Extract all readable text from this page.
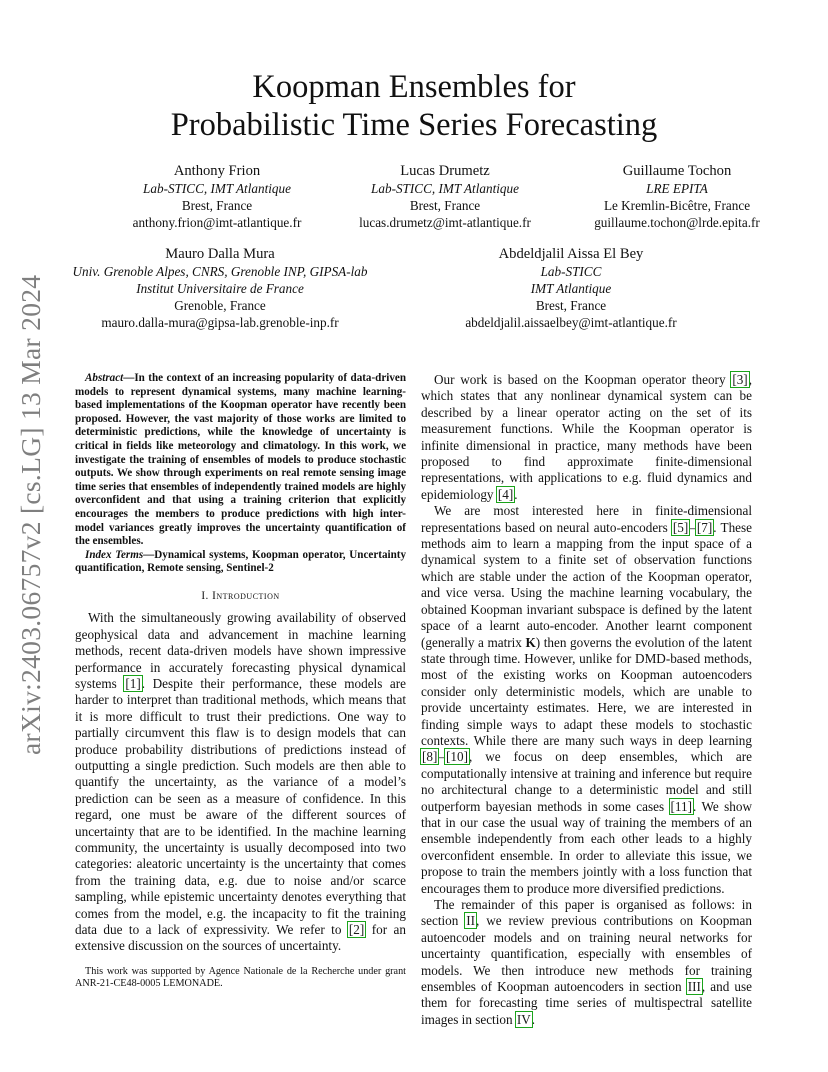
arXiv:2403.06757v2 [cs.LG] 13 Mar 2024
Koopman Ensembles for
Probabilistic Time Series Forecasting
Anthony Frion
Lab-STICC, IMT Atlantique
Brest, France
anthony.frion@imt-atlantique.fr
Lucas Drumetz
Lab-STICC, IMT Atlantique
Brest, France
lucas.drumetz@imt-atlantique.fr
Guillaume Tochon
LRE EPITA
Le Kremlin-Bicêtre, France
guillaume.tochon@lrde.epita.fr
Mauro Dalla Mura
Univ. Grenoble Alpes, CNRS, Grenoble INP, GIPSA-lab
Institut Universitaire de France
Grenoble, France
mauro.dalla-mura@gipsa-lab.grenoble-inp.fr
Abdeldjalil Aissa El Bey
Lab-STICC
IMT Atlantique
Brest, France
abdeldjalil.aissaelbey@imt-atlantique.fr

Abstract—In the context of an increasing popularity of data-driven models to represent dynamical systems, many machine learning-based implementations of the Koopman operator have recently been proposed. However, the vast majority of those works are limited to deterministic predictions, while the knowledge of uncertainty is critical in fields like meteorology and climatology. In this work, we investigate the training of ensembles of models to produce stochastic outputs. We show through experiments on real remote sensing image time series that ensembles of independently trained models are highly overconfident and that using a training criterion that explicitly encourages the members to produce predictions with high inter-model variances greatly improves the uncertainty quantification of the ensembles.

Index Terms—Dynamical systems, Koopman operator, Uncertainty quantification, Remote sensing, Sentinel-2

I. Introduction

With the simultaneously growing availability of observed geophysical data and advancement in machine learning methods, recent data-driven models have shown impressive performance in accurately forecasting physical dynamical systems [1]. Despite their performance, these models are harder to interpret than traditional methods, which means that it is more difficult to trust their predictions. One way to partially circumvent this flaw is to design models that can produce probability distributions of predictions instead of outputting a single prediction. Such models are then able to quantify the uncertainty, as the variance of a model’s prediction can be seen as a measure of confidence. In this regard, one must be aware of the different sources of uncertainty that are to be identified. In the machine learning community, the uncertainty is usually decomposed into two categories: aleatoric uncertainty is the uncertainty that comes from the training data, e.g. due to noise and/or scarce sampling, while epistemic uncertainty denotes everything that comes from the model, e.g. the incapacity to fit the training data due to a lack of expressivity. We refer to [2] for an extensive discussion on the sources of uncertainty.

This work was supported by Agence Nationale de la Recherche under grant ANR-21-CE48-0005 LEMONADE.

Our work is based on the Koopman operator theory [3], which states that any nonlinear dynamical system can be described by a linear operator acting on the set of its measurement functions. While the Koopman operator is infinite dimensional in practice, many methods have been proposed to find approximate finite-dimensional representations, with applications to e.g. fluid dynamics and epidemiology [4].

We are most interested here in finite-dimensional representations based on neural auto-encoders [5]–[7]. These methods aim to learn a mapping from the input space of a dynamical system to a finite set of observation functions which are stable under the action of the Koopman operator, and vice versa. Using the machine learning vocabulary, the obtained Koopman invariant subspace is defined by the latent space of a learnt auto-encoder. Another learnt component (generally a matrix K) then governs the evolution of the latent state through time. However, unlike for DMD-based methods, most of the existing works on Koopman autoencoders consider only deterministic models, which are unable to provide uncertainty estimates. Here, we are interested in finding simple ways to adapt these models to stochastic contexts. While there are many such ways in deep learning [8]–[10], we focus on deep ensembles, which are computationally intensive at training and inference but require no architectural change to a deterministic model and still outperform bayesian methods in some cases [11]. We show that in our case the usual way of training the members of an ensemble independently from each other leads to a highly overconfident ensemble. In order to alleviate this issue, we propose to train the members jointly with a loss function that encourages them to produce more diversified predictions.

The remainder of this paper is organised as follows: in section II, we review previous contributions on Koopman autoencoder models and on training neural networks for uncertainty quantification, especially with ensembles of models. We then introduce new methods for training ensembles of Koopman autoencoders in section III, and use them for forecasting time series of multispectral satellite images in section IV.
